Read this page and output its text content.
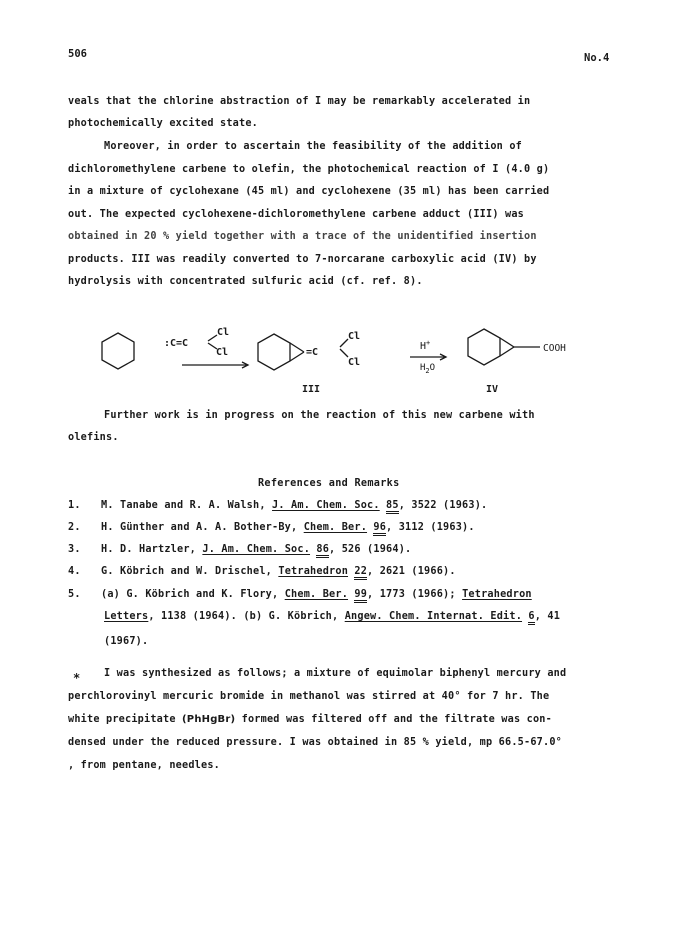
506	No.4
veals that the chlorine abstraction of I may be remarkably accelerated in
photochemically excited state.
Moreover, in order to ascertain the feasibility of the addition of
dichloromethylene carbene to olefin, the photochemical reaction of I (4.0 g)
in a mixture of cyclohexane (45 ml) and cyclohexene (35 ml) has been carried
out. The expected cyclohexene-dichloromethylene carbene adduct (III) was
obtained in 20 % yield together with a trace of the unidentified insertion
products. III was readily converted to 7-norcarane carboxylic acid (IV) by
hydrolysis with concentrated sulfuric acid (cf. ref. 8).
:C=C
Cl
Cl	=C
Cl
Cl
H+
$H_2O$
COOH
III	IV
Further work is in progress on the reaction of this new carbene with
olefins.
References and Remarks
1. M. Tanabe and R. A. Walsh, J. Am. Chem. Soc. 85, 3522 (1963).
2. H. Günther and A. A. Bother-By, Chem. Ber. 96, 3112 (1963).
3. H. D. Hartzler, J. Am. Chem. Soc. 86, 526 (1964).
4. G. Köbrich and W. Drischel, Tetrahedron 22, 2621 (1966).
5. (a) G. Köbrich and K. Flory, Chem. Ber. 99, 1773 (1966); Tetrahedron
Letters, 1138 (1964). (b) G. Köbrich, Angew. Chem. Internat. Edit. 6, 41
(1967).
* I was synthesized as follows; a mixture of equimolar biphenyl mercury and
perchlorovinyl mercuric bromide in methanol was stirred at 40° for 7 hr. The
white precipitate (PhHgBr) formed was filtered off and the filtrate was con-
densed under the reduced pressure. I was obtained in 85 % yield, mp 66.5-67.0°
, from pentane, needles.
